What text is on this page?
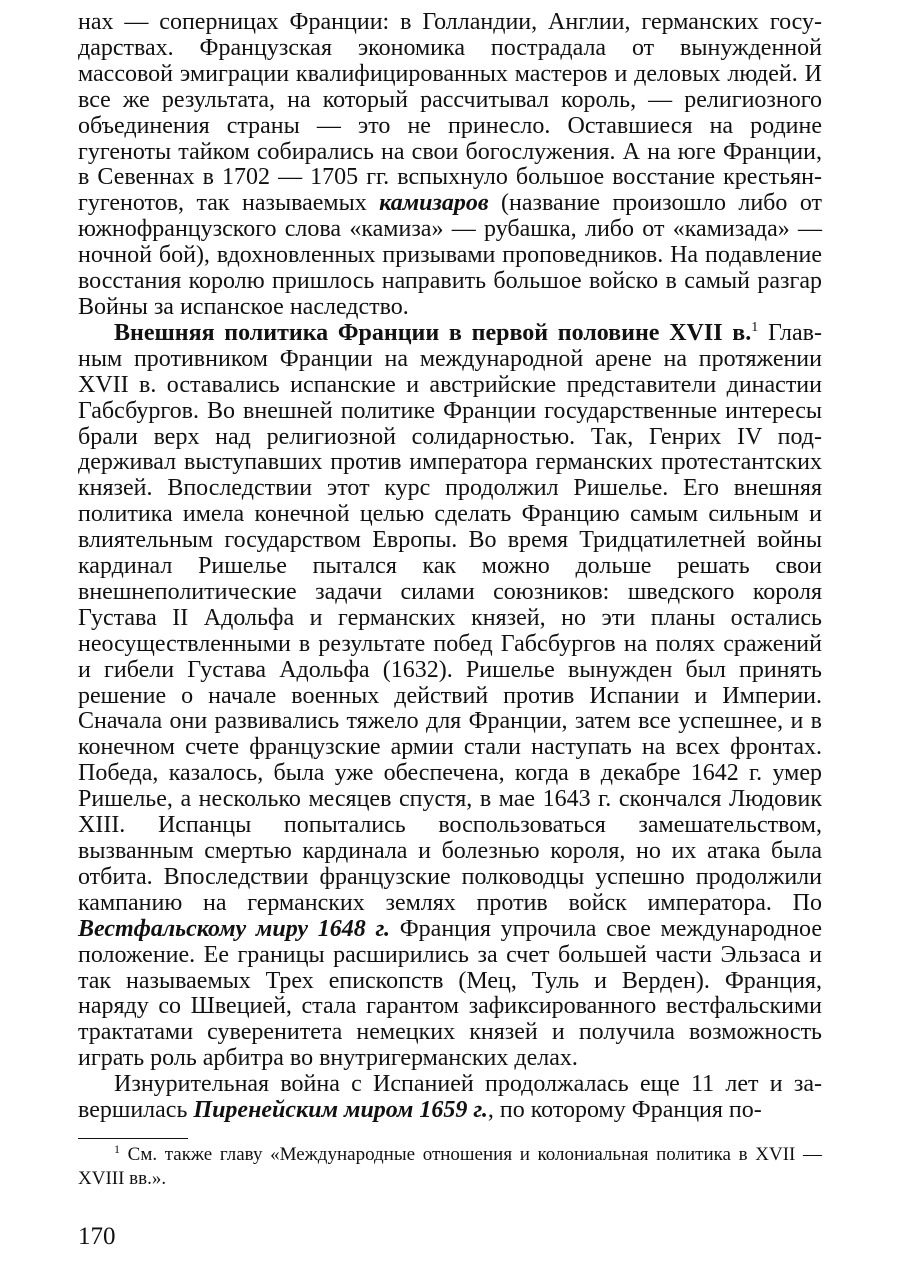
нах — соперницах Франции: в Голландии, Англии, германских государствах. Французская экономика пострадала от вынужденной массовой эмиграции квалифицированных мастеров и деловых людей. И все же результата, на который рассчитывал король, — религиозного объединения страны — это не принесло. Оставшиеся на родине гугеноты тайком собирались на свои богослужения. А на юге Франции, в Севеннах в 1702 — 1705 гг. вспыхнуло большое восстание крестьян-гугенотов, так называемых камизаров (название произошло либо от южнофранцузского слова «камиза» — рубашка, либо от «камизада» — ночной бой), вдохновленных призывами проповедников. На подавление восстания королю пришлось направить большое войско в самый разгар Войны за испанское наследство.

Внешняя политика Франции в первой половине XVII в.$^1$ Главным противником Франции на международной арене на протяжении XVII в. оставались испанские и австрийские представители династии Габсбургов. Во внешней политике Франции государственные интересы брали верх над религиозной солидарностью. Так, Генрих IV поддерживал выступавших против императора германских протестантских князей. Впоследствии этот курс продолжил Ришелье. Его внешняя политика имела конечной целью сделать Францию самым сильным и влиятельным государством Европы. Во время Тридцатилетней войны кардинал Ришелье пытался как можно дольше решать свои внешнеполитические задачи силами союзников: шведского короля Густава II Адольфа и германских князей, но эти планы остались неосуществленными в результате побед Габсбургов на полях сражений и гибели Густава Адольфа (1632). Ришелье вынужден был принять решение о начале военных действий против Испании и Империи. Сначала они развивались тяжело для Франции, затем все успешнее, и в конечном счете французские армии стали наступать на всех фронтах. Победа, казалось, была уже обеспечена, когда в декабре 1642 г. умер Ришелье, а несколько месяцев спустя, в мае 1643 г. скончался Людовик XIII. Испанцы попытались воспользоваться замешательством, вызванным смертью кардинала и болезнью короля, но их атака была отбита. Впоследствии французские полководцы успешно продолжили кампанию на германских землях против войск императора. По Вестфальскому миру 1648 г. Франция упрочила свое международное положение. Ее границы расширились за счет большей части Эльзаса и так называемых Трех епископств (Мец, Туль и Верден). Франция, наряду со Швецией, стала гарантом зафиксированного вестфальскими трактатами суверенитета немецких князей и получила возможность играть роль арбитра во внутригерманских делах.

Изнурительная война с Испанией продолжалась еще 11 лет и завершилась Пиренейским миром 1659 г., по которому Франция по-

$^1$ См. также главу «Международные отношения и колониальная политика в XVII — XVIII вв.».

170
